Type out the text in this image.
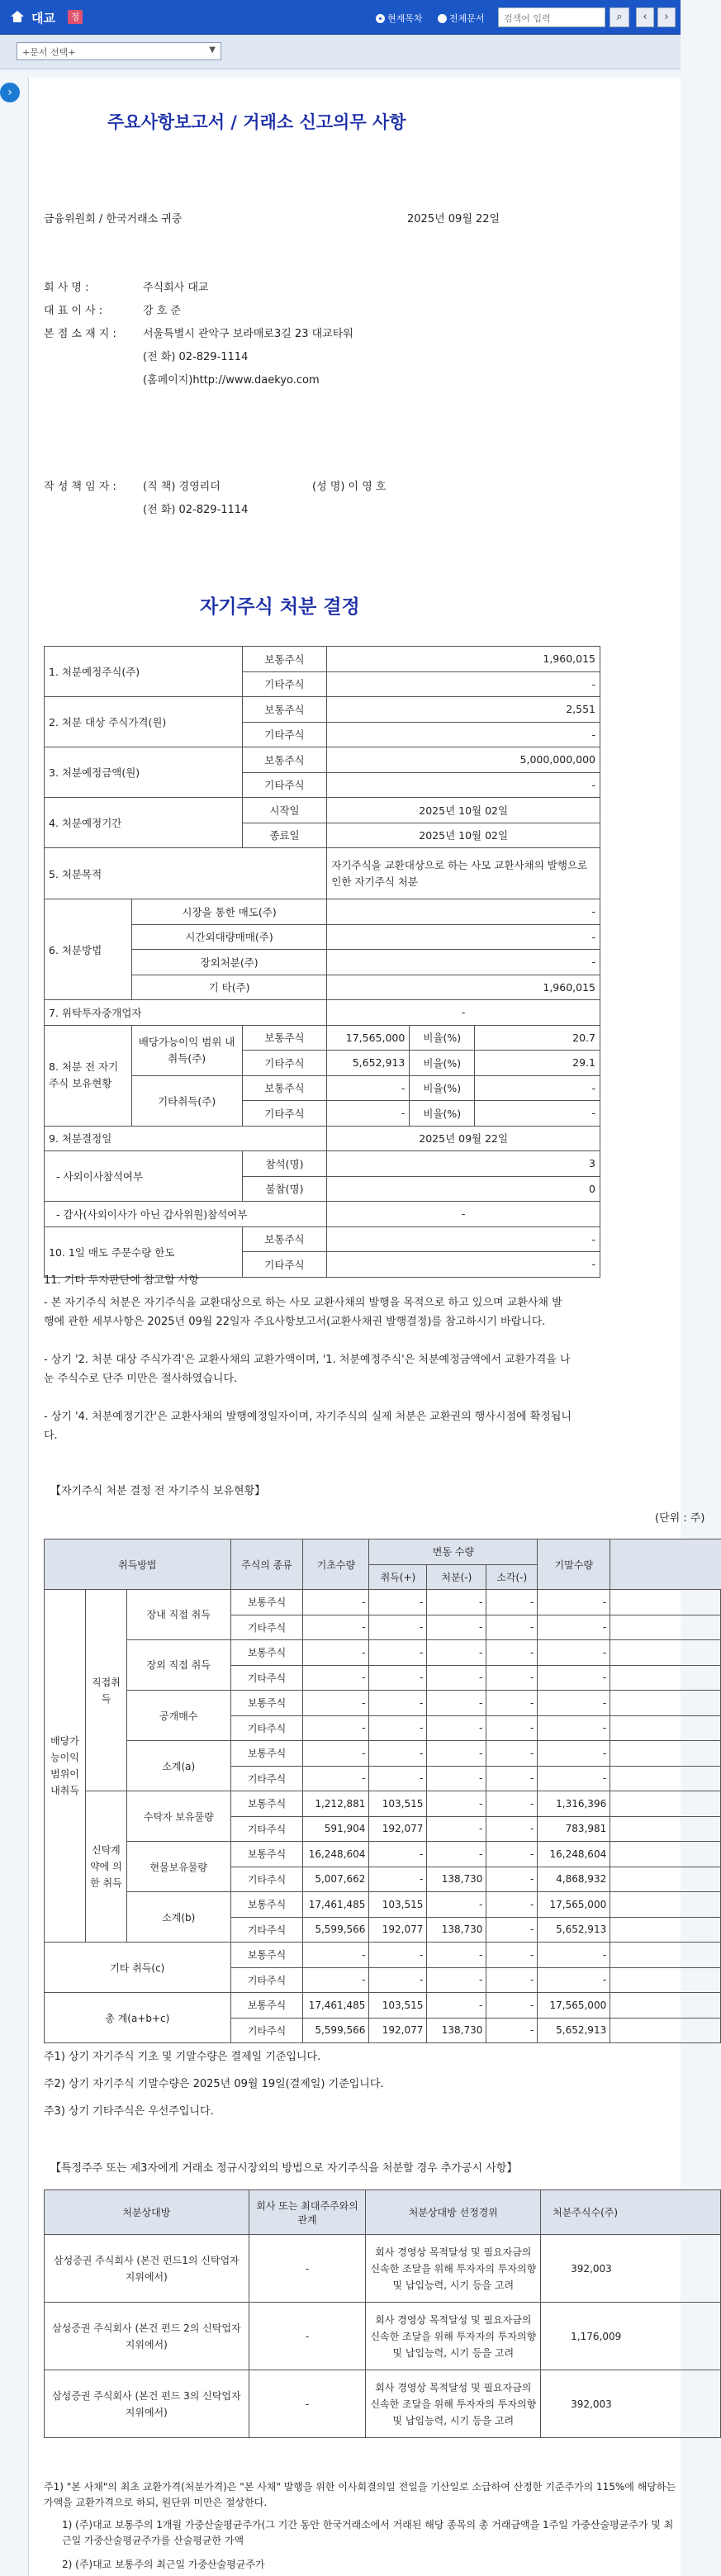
대교	정	현재목차	전체문서	검색어 입력	⌕	‹	›
+문서 선택+	▼
›
주요사항보고서 / 거래소 신고의무 사항
금융위원회 / 한국거래소 귀중	2025년 09월 22일
회 사 명 :	주식회사 대교
대 표 이 사 :	강 호 준
본 점 소 재 지 : 서울특별시 관악구 보라매로3길 23 대교타워
(전 화) 02-829-1114
(홈페이지)http://www.daekyo.com
작 성 책 임 자 : (직 책) 경영리더	(성 명) 이 영 호
(전 화) 02-829-1114
자기주식 처분 결정
1. 처분예정주식(주)		보통주식	1,960,015		
		기타주식	-		
2. 처분 대상 주식가격(원)		보통주식	2,551		
		기타주식	-		
3. 처분예정금액(원)		보통주식	5,000,000,000		
		기타주식	-		
4. 처분예정기간		시작일	2025년 10월 02일		
		종료일	2025년 10월 02일		
5. 처분목적			자기주식을 교환대상으로 하는 사모 교환사채의 발행으로 인한 자기주식 처분		
6. 처분방법	시장을 통한 매도(주)		-		
	시간외대량매매(주)		-		
	장외처분(주)		-		
	기 타(주)		1,960,015		
7. 위탁투자중개업자			-		
8. 처분 전 자기주식 보유현황	배당가능이익 범위 내 취득(주)	보통주식	17,565,000	비율(%)	20.7
		기타주식	5,652,913	비율(%)	29.1
	기타취득(주)	보통주식	-	비율(%)	-
		기타주식	-	비율(%)	-
9. 처분결정일			2025년 09월 22일		
- 사외이사참석여부		참석(명)	3		
		불참(명)	0		
- 감사(사외이사가 아닌 감사위원)참석여부			-		
10. 1일 매도 주문수량 한도		보통주식	-		
		기타주식	-		
11. 기타 투자판단에 참고할 사항
- 본 자기주식 처분은 자기주식을 교환대상으로 하는 사모 교환사채의 발행을 목적으로 하고 있으며 교환사채 발행에 관한 세부사항은 2025년 09월 22일자 주요사항보고서(교환사채권 발행결정)를 참고하시기 바랍니다.
- 상기 '2. 처분 대상 주식가격'은 교환사채의 교환가액이며, '1. 처분예정주식'은 처분예정금액에서 교환가격을 나눈 주식수로 단주 미만은 절사하였습니다.
- 상기 '4. 처분예정기간'은 교환사채의 발행예정일자이며, 자기주식의 실제 처분은 교환권의 행사시점에 확정됩니다.
【자기주식 처분 결정 전 자기주식 보유현황】
(단위 : 주)
취득방법			주식의 종류	기초수량	변동 수량			기말수량	
					취득(+)	처분(-)	소각(-)		
배당가능이익범위이내취득	직접취득	장내 직접 취득	보통주식	-	-	-	-	-	
			기타주식	-	-	-	-	-	
		장외 직접 취득	보통주식	-	-	-	-	-	
			기타주식	-	-	-	-	-	
		공개매수	보통주식	-	-	-	-	-	
			기타주식	-	-	-	-	-	
		소계(a)	보통주식	-	-	-	-	-	
			기타주식	-	-	-	-	-	
	신탁계약에 의한 취득	수탁자 보유물량	보통주식	1,212,881	103,515	-	-	1,316,396	
			기타주식	591,904	192,077	-	-	783,981	
		현물보유물량	보통주식	16,248,604	-	-	-	16,248,604	
			기타주식	5,007,662	-	138,730	-	4,868,932	
		소계(b)	보통주식	17,461,485	103,515	-	-	17,565,000	
			기타주식	5,599,566	192,077	138,730	-	5,652,913	
기타 취득(c)			보통주식	-	-	-	-	-	
			기타주식	-	-	-	-	-	
총 계(a+b+c)			보통주식	17,461,485	103,515	-	-	17,565,000	
			기타주식	5,599,566	192,077	138,730	-	5,652,913	
주1) 상기 자기주식 기초 및 기말수량은 결제일 기준입니다.
주2) 상기 자기주식 기말수량은 2025년 09월 19일(결제일) 기준입니다.
주3) 상기 기타주식은 우선주입니다.
【특정주주 또는 제3자에게 거래소 정규시장외의 방법으로 자기주식을 처분할 경우 추가공시 사항】
처분상대방	회사 또는 최대주주와의 관계	처분상대방 선정경위	처분주식수(주)
삼성증권 주식회사 (본건 펀드1의 신탁업자 지위에서)	-	회사 경영상 목적달성 및 필요자금의 신속한 조달을 위해 투자자의 투자의향 및 납입능력, 시기 등을 고려	392,003
삼성증권 주식회사 (본건 펀드 2의 신탁업자 지위에서)	-	회사 경영상 목적달성 및 필요자금의 신속한 조달을 위해 투자자의 투자의향 및 납입능력, 시기 등을 고려	1,176,009
삼성증권 주식회사 (본건 펀드 3의 신탁업자 지위에서)	-	회사 경영상 목적달성 및 필요자금의 신속한 조달을 위해 투자자의 투자의향 및 납입능력, 시기 등을 고려	392,003
주1) "본 사채"의 최초 교환가격(처분가격)은 "본 사채" 발행을 위한 이사회결의일 전일을 기산일로 소급하여 산정한 기준주가의 115%에 해당하는 가액을 교환가격으로 하되, 원단위 미만은 절상한다.
1) (주)대교 보통주의 1개월 가중산술평균주가(그 기간 동안 한국거래소에서 거래된 해당 종목의 총 거래금액을 1주일 가중산술평균주가 및 최근일 가중산술평균주가를 산술평균한 가액
2) (주)대교 보통주의 최근일 가중산술평균주가
